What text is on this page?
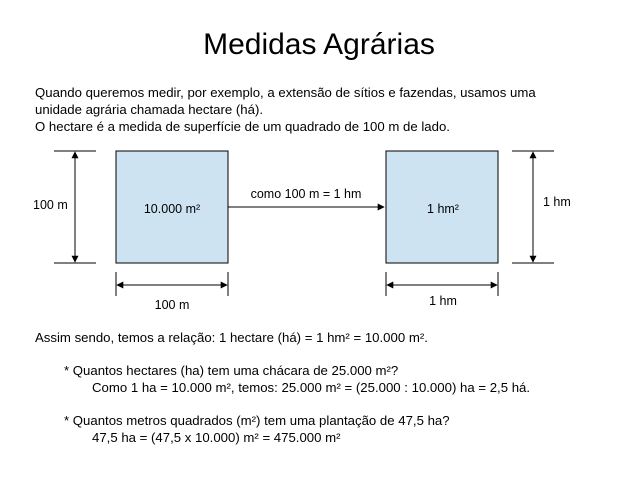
Medidas Agrárias
Quando queremos medir, por exemplo, a extensão de sítios e fazendas, usamos uma
unidade agrária chamada hectare (há).
O hectare é a medida de superfície de um quadrado de 100 m de lado.
10.000 m²
100 m
100 m
como 100 m = 1 hm
1 hm²	1 hm
1 hm
Assim sendo, temos a relação: 1 hectare (há) = 1 hm² = 10.000 m².
* Quantos hectares (ha) tem uma chácara de 25.000 m²?
Como 1 ha = 10.000 m², temos: 25.000 m² = (25.000 : 10.000) ha = 2,5 há.
* Quantos metros quadrados (m²) tem uma plantação de 47,5 ha?
47,5 ha = (47,5 x 10.000) m² = 475.000 m²
